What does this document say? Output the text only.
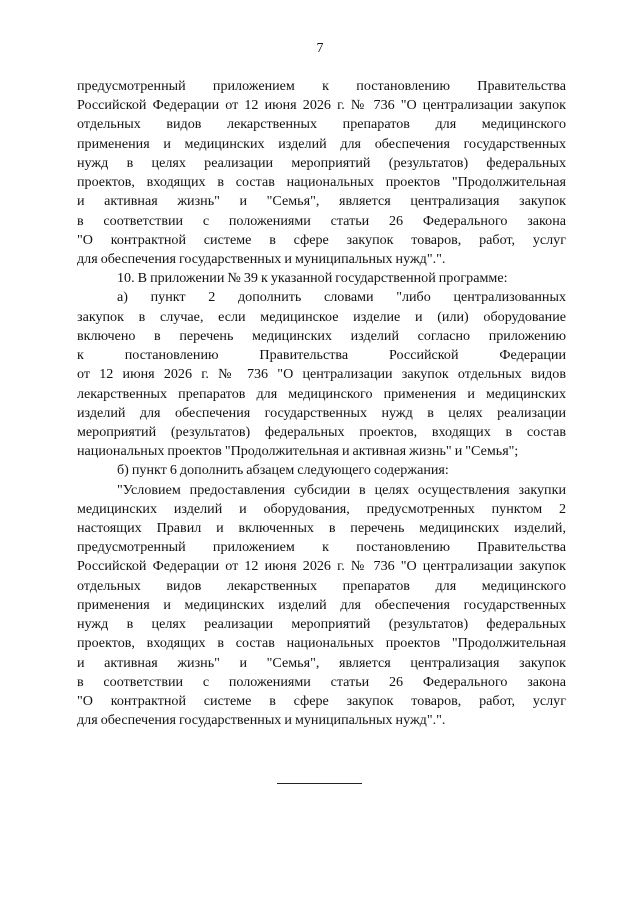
7
предусмотренный приложением к постановлению Правительства
Российской Федерации от 12 июня 2026 г. № 736 "О централизации закупок
отдельных видов лекарственных препаратов для медицинского
применения и медицинских изделий для обеспечения государственных
нужд в целях реализации мероприятий (результатов) федеральных
проектов, входящих в состав национальных проектов "Продолжительная
и активная жизнь" и "Семья", является централизация закупок
в соответствии с положениями статьи 26 Федерального закона
"О контрактной системе в сфере закупок товаров, работ, услуг
для обеспечения государственных и муниципальных нужд".".
10. В приложении № 39 к указанной государственной программе:
а) пункт 2 дополнить словами "либо централизованных
закупок в случае, если медицинское изделие и (или) оборудование
включено в перечень медицинских изделий согласно приложению
к постановлению Правительства Российской Федерации
от 12 июня 2026 г. № 736 "О централизации закупок отдельных видов
лекарственных препаратов для медицинского применения и медицинских
изделий для обеспечения государственных нужд в целях реализации
мероприятий (результатов) федеральных проектов, входящих в состав
национальных проектов "Продолжительная и активная жизнь" и "Семья";
б) пункт 6 дополнить абзацем следующего содержания:
"Условием предоставления субсидии в целях осуществления закупки
медицинских изделий и оборудования, предусмотренных пунктом 2
настоящих Правил и включенных в перечень медицинских изделий,
предусмотренный приложением к постановлению Правительства
Российской Федерации от 12 июня 2026 г. № 736 "О централизации закупок
отдельных видов лекарственных препаратов для медицинского
применения и медицинских изделий для обеспечения государственных
нужд в целях реализации мероприятий (результатов) федеральных
проектов, входящих в состав национальных проектов "Продолжительная
и активная жизнь" и "Семья", является централизация закупок
в соответствии с положениями статьи 26 Федерального закона
"О контрактной системе в сфере закупок товаров, работ, услуг
для обеспечения государственных и муниципальных нужд".".
